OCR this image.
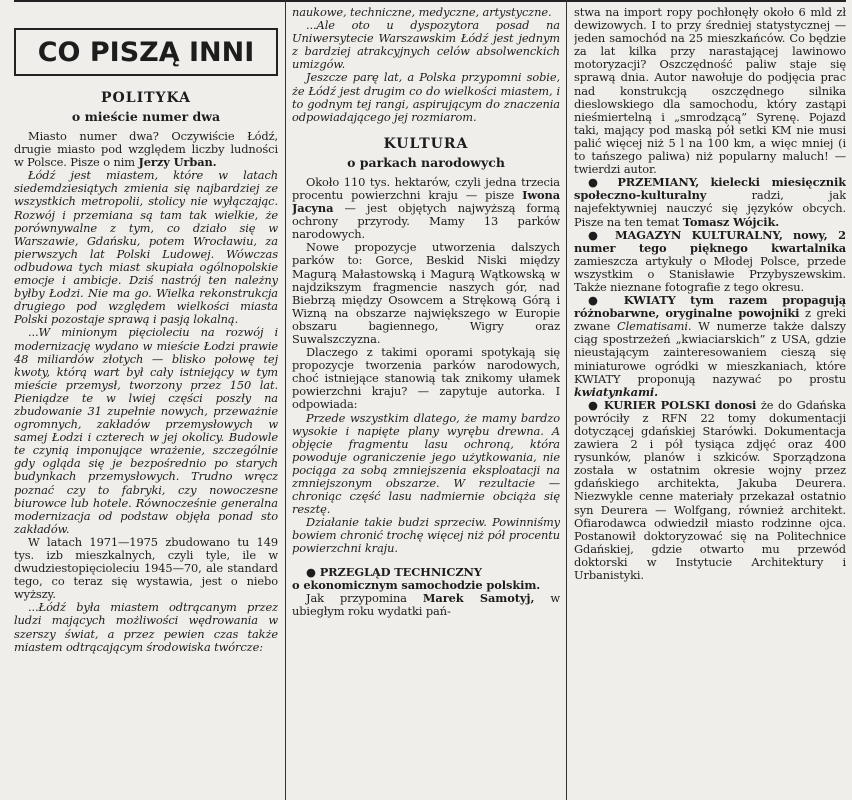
CO PISZĄ INNI
POLITYKA
o mieście numer dwa

Miasto numer dwa? Oczywiście Łódź, drugie miasto pod względem liczby ludności w Polsce. Pisze o nim Jerzy Urban.

Łódź jest miastem, które w latach siedemdziesiątych zmienia się najbardziej ze wszystkich metropolii, stolicy nie wyłączając. Rozwój i przemiana są tam tak wielkie, że porównywalne z tym, co działo się w Warszawie, Gdańsku, potem Wrocławiu, za pierwszych lat Polski Ludowej. Wówczas odbudowa tych miast skupiała ogólnopolskie emocje i ambicje. Dziś nastrój ten należny byłby Łodzi. Nie ma go. Wielka rekonstrukcja drugiego pod względem wielkości miasta Polski pozostaje sprawą i pasją lokalną.

...W minionym pięcioleciu na rozwój i modernizację wydano w mieście Łodzi prawie 48 miliardów złotych — blisko połowę tej kwoty, którą wart był cały istniejący w tym mieście przemysł, tworzony przez 150 lat. Pieniądze te w lwiej części poszły na zbudowanie 31 zupełnie nowych, przeważnie ogromnych, zakładów przemysłowych w samej Łodzi i czterech w jej okolicy. Budowle te czynią imponujące wrażenie, szczególnie gdy ogląda się je bezpośrednio po starych budynkach przemysłowych. Trudno wręcz poznać czy to fabryki, czy nowoczesne biurowce lub hotele. Równocześnie generalna modernizacja od podstaw objęła ponad sto zakładów.

W latach 1971—1975 zbudowano tu 149 tys. izb mieszkalnych, czyli tyle, ile w dwudziestopięcioleciu 1945—70, ale standard tego, co teraz się wystawia, jest o niebo wyższy.

...Łódź była miastem odtrącanym przez ludzi mających możliwości wędrowania w szerszy świat, a przez pewien czas także miastem odtrącającym środowiska twórcze:

naukowe, techniczne, medyczne, artystyczne.

...Ale oto u dyspozytora posad na Uniwersytecie Warszawskim Łódź jest jednym z bardziej atrakcyjnych celów absolwenckich umizgów.

Jeszcze parę lat, a Polska przypomni sobie, że Łódź jest drugim co do wielkości miastem, i to godnym tej rangi, aspirującym do znaczenia odpowiadającego jej rozmiarom.

KULTURA
o parkach narodowych

Około 110 tys. hektarów, czyli jedna trzecia procentu powierzchni kraju — pisze Iwona Jacyna — jest objętych najwyższą formą ochrony przyrody. Mamy 13 parków narodowych.

Nowe propozycje utworzenia dalszych parków to: Gorce, Beskid Niski między Magurą Małastowską i Magurą Wątkowską w najdzikszym fragmencie naszych gór, nad Biebrzą między Osowcem a Strękową Górą i Wizną na obszarze największego w Europie obszaru bagiennego, Wigry oraz Suwalszczyzna.

Dlaczego z takimi oporami spotykają się propozycje tworzenia parków narodowych, choć istniejące stanowią tak znikomy ułamek powierzchni kraju? — zapytuje autorka. I odpowiada:

Przede wszystkim dlatego, że mamy bardzo wysokie i napięte plany wyrębu drewna. A objęcie fragmentu lasu ochroną, która powoduje ograniczenie jego użytkowania, nie pociąga za sobą zmniejszenia eksploatacji na zmniejszonym obszarze. W rezultacie — chroniąc część lasu nadmiernie obciąża się resztę.

Działanie takie budzi sprzeciw. Powinniśmy bowiem chronić trochę więcej niż pół procentu powierzchni kraju.

● PRZEGLĄD TECHNICZNY

o ekonomicznym samochodzie polskim.

Jak przypomina Marek Samotyj, w ubiegłym roku wydatki pań-

stwa na import ropy pochłonęły około 6 mld zł dewizowych. I to przy średniej statystycznej — jeden samochód na 25 mieszkańców. Co będzie za lat kilka przy narastającej lawinowo motoryzacji? Oszczędność paliw staje się sprawą dnia. Autor nawołuje do podjęcia prac nad konstrukcją oszczędnego silnika dieslowskiego dla samochodu, który zastąpi nieśmiertelną i „smrodzącą” Syrenę. Pojazd taki, mający pod maską pół setki KM nie musi palić więcej niż 5 l na 100 km, a więc mniej (i to tańszego paliwa) niż popularny maluch! — twierdzi autor.

● PRZEMIANY, kielecki miesięcznik społeczno-kulturalny	radzi, jak najefektywniej nauczyć się języków obcych. Pisze na ten temat Tomasz Wójcik.

● MAGAZYN KULTURALNY, nowy, 2 numer tego pięknego kwartalnika zamieszcza artykuły o Młodej Polsce, przede wszystkim o Stanisławie Przybyszewskim. Także nieznane fotografie z tego okresu.

● KWIATY tym razem propagują różnobarwne, oryginalne powojniki z greki zwane Clematisami. W numerze także dalszy ciąg spostrzeżeń „kwiaciarskich” z USA, gdzie nieustającym zainteresowaniem cieszą się miniaturowe ogródki w mieszkaniach, które KWIATY proponują nazywać po prostu kwiatynkami.

● KURIER POLSKI donosi że do Gdańska powróciły z RFN 22 tomy dokumentacji dotyczącej gdańskiej Starówki. Dokumentacja zawiera 2 i pół tysiąca zdjęć oraz 400 rysunków, planów i szkiców. Sporządzona została w ostatnim okresie wojny przez gdańskiego architekta, Jakuba Deurera. Niezwykle cenne materiały przekazał ostatnio syn Deurera — Wolfgang, również architekt. Ofiarodawca odwiedził miasto rodzinne ojca. Postanowił doktoryzować się na Politechnice Gdańskiej, gdzie otwarto mu przewód doktorski w Instytucie Architektury i Urbanistyki.
